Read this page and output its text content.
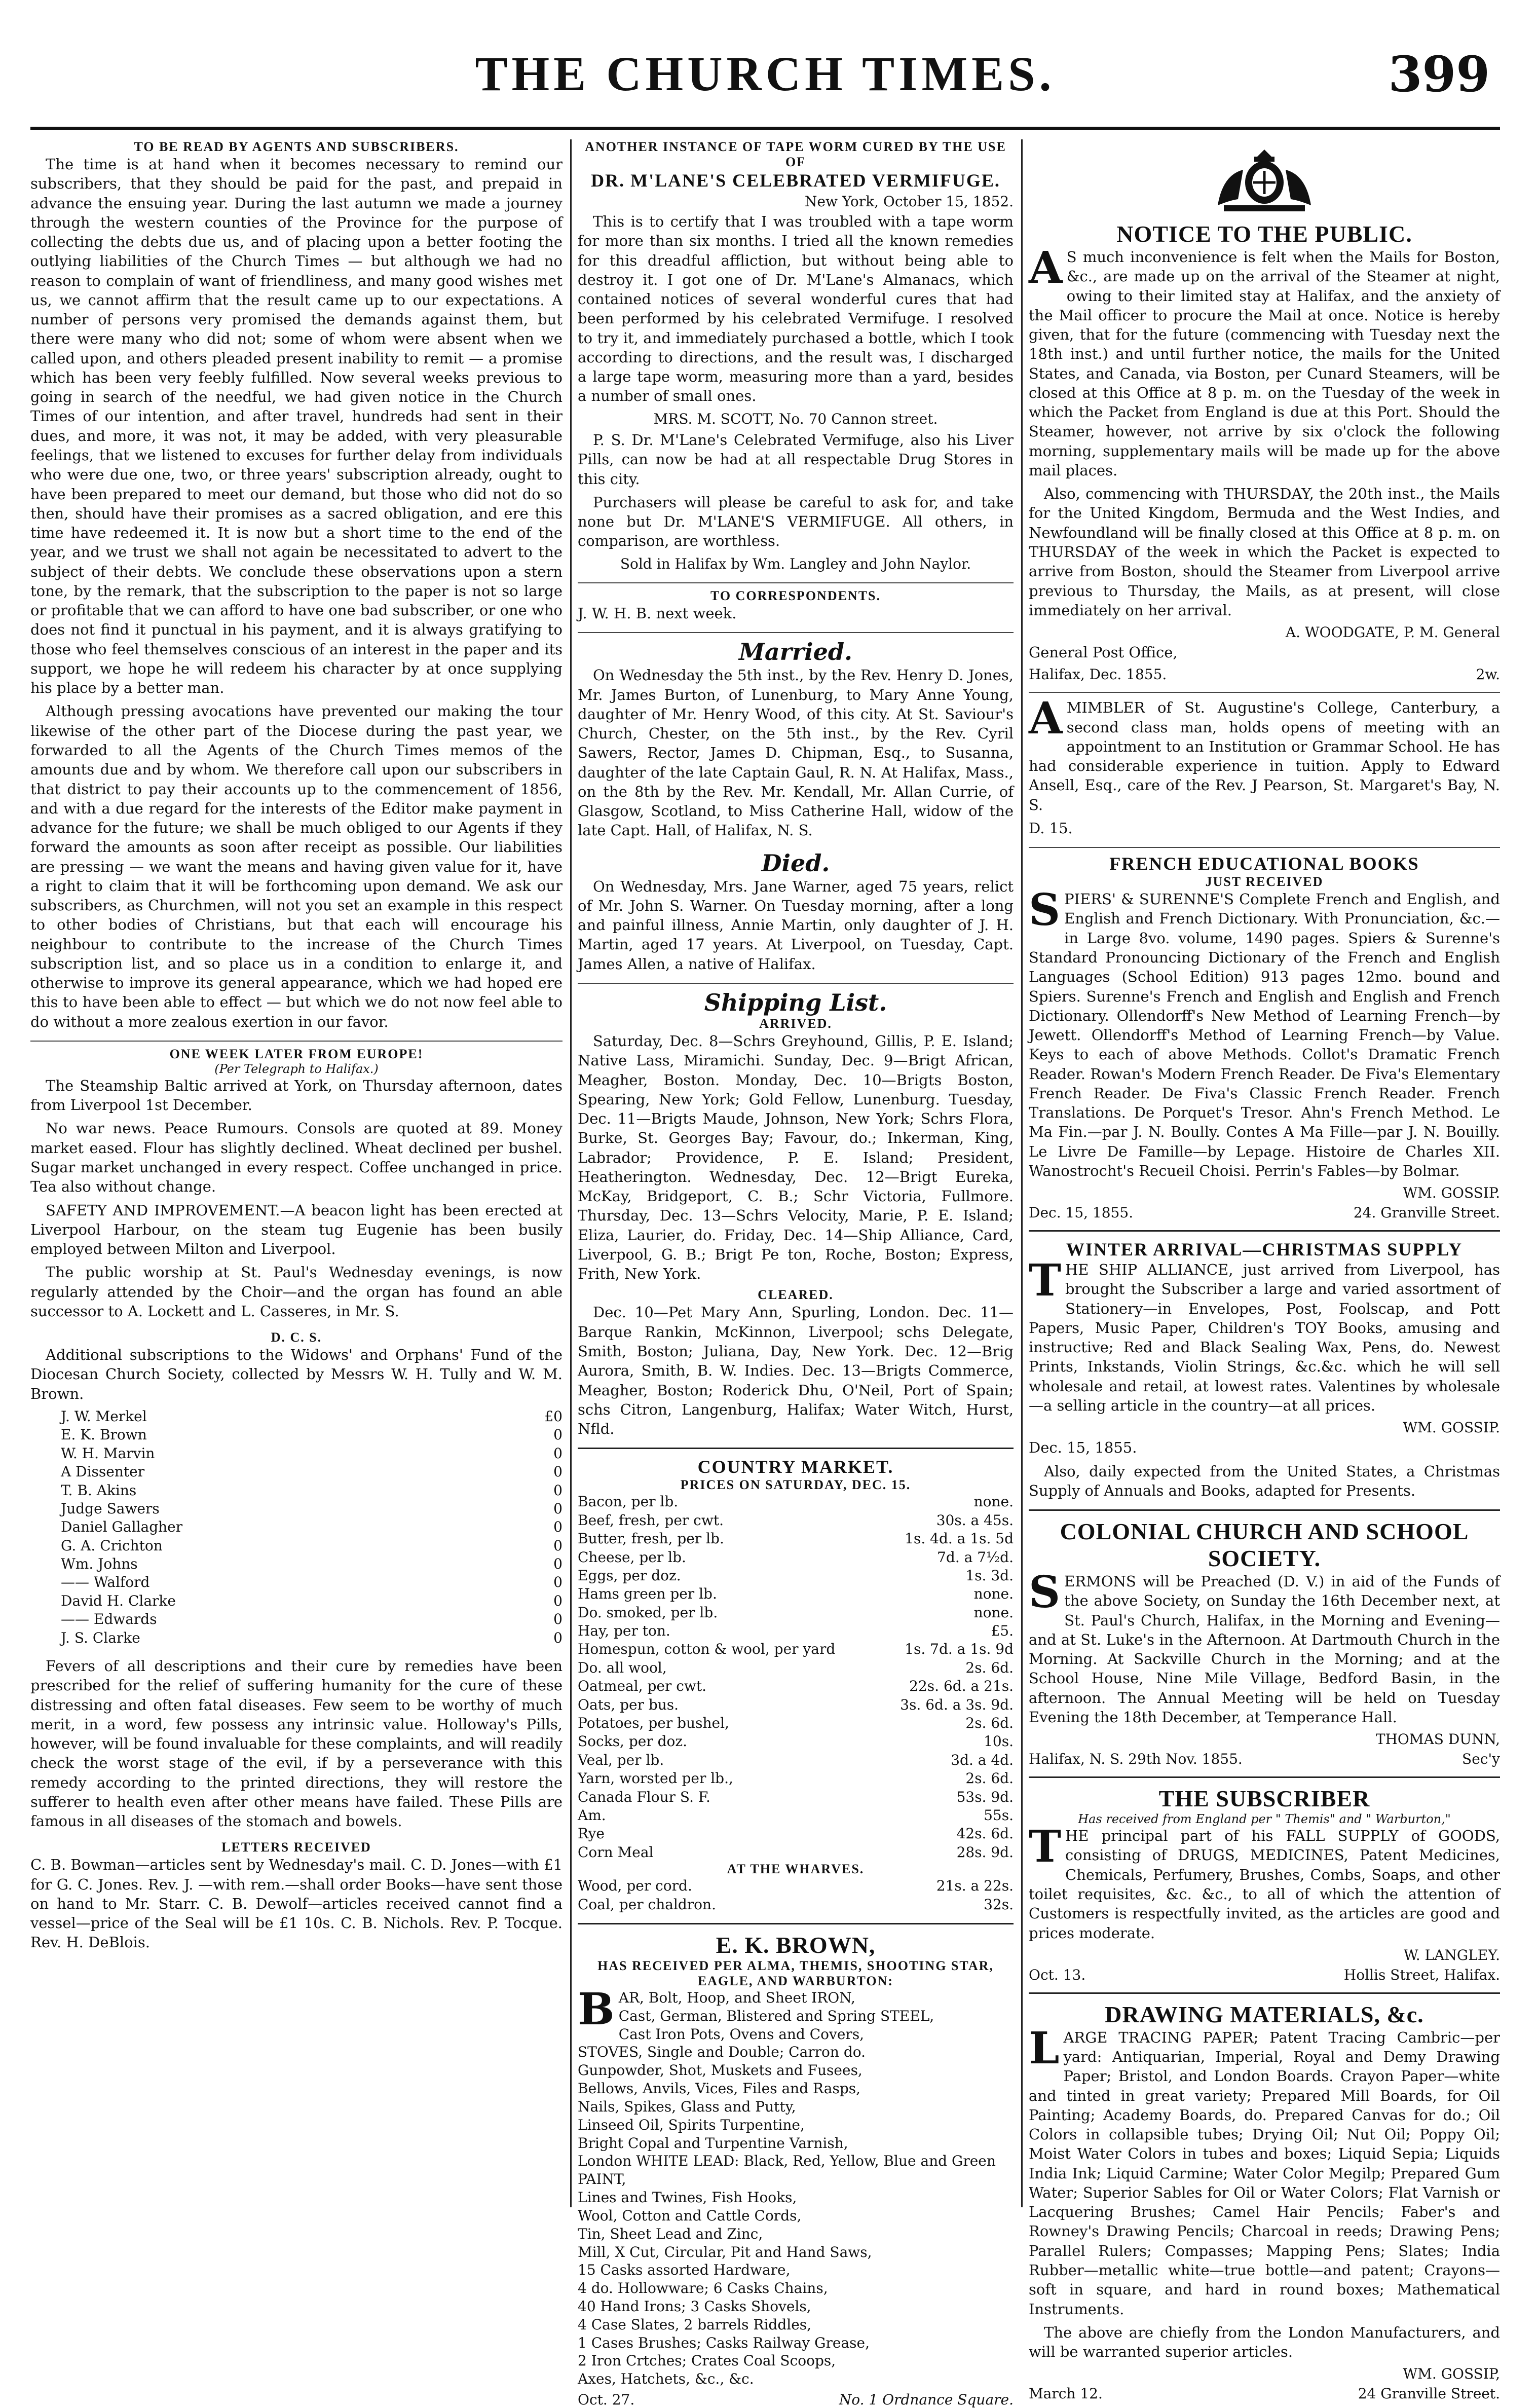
THE CHURCH TIMES.	399
TO BE READ BY AGENTS AND SUBSCRIBERS.

The time is at hand when it becomes necessary to remind our subscribers, that they should be paid for the past, and prepaid in advance the ensuing year. During the last autumn we made a journey through the western counties of the Province for the purpose of collecting the debts due us, and of placing upon a better footing the outlying liabilities of the Church Times — but although we had no reason to complain of want of friendliness, and many good wishes met us, we cannot affirm that the result came up to our expectations. A number of persons very promised the demands against them, but there were many who did not; some of whom were absent when we called upon, and others pleaded present inability to remit — a promise which has been very feebly fulfilled. Now several weeks previous to going in search of the needful, we had given notice in the Church Times of our intention, and after travel, hundreds had sent in their dues, and more, it was not, it may be added, with very pleasurable feelings, that we listened to excuses for further delay from individuals who were due one, two, or three years' subscription already, ought to have been prepared to meet our demand, but those who did not do so then, should have their promises as a sacred obligation, and ere this time have redeemed it. It is now but a short time to the end of the year, and we trust we shall not again be necessitated to advert to the subject of their debts. We conclude these observations upon a stern tone, by the remark, that the subscription to the paper is not so large or profitable that we can afford to have one bad subscriber, or one who does not find it punctual in his payment, and it is always gratifying to those who feel themselves conscious of an interest in the paper and its support, we hope he will redeem his character by at once supplying his place by a better man.

Although pressing avocations have prevented our making the tour likewise of the other part of the Diocese during the past year, we forwarded to all the Agents of the Church Times memos of the amounts due and by whom. We therefore call upon our subscribers in that district to pay their accounts up to the commencement of 1856, and with a due regard for the interests of the Editor make payment in advance for the future; we shall be much obliged to our Agents if they forward the amounts as soon after receipt as possible. Our liabilities are pressing — we want the means and having given value for it, have a right to claim that it will be forthcoming upon demand. We ask our subscribers, as Churchmen, will not you set an example in this respect to other bodies of Christians, but that each will encourage his neighbour to contribute to the increase of the Church Times subscription list, and so place us in a condition to enlarge it, and otherwise to improve its general appearance, which we had hoped ere this to have been able to effect — but which we do not now feel able to do without a more zealous exertion in our favor.

ONE WEEK LATER FROM EUROPE!
(Per Telegraph to Halifax.)

The Steamship Baltic arrived at York, on Thursday afternoon, dates from Liverpool 1st December.

No war news. Peace Rumours. Consols are quoted at 89. Money market eased. Flour has slightly declined. Wheat declined per bushel. Sugar market unchanged in every respect. Coffee unchanged in price. Tea also without change.

SAFETY AND IMPROVEMENT.—A beacon light has been erected at Liverpool Harbour, on the steam tug Eugenie has been busily employed between Milton and Liverpool.

The public worship at St. Paul's Wednesday evenings, is now regularly attended by the Choir—and the organ has found an able successor to A. Lockett and L. Casseres, in Mr. S.

D. C. S.

Additional subscriptions to the Widows' and Orphans' Fund of the Diocesan Church Society, collected by Messrs W. H. Tully and W. M. Brown.

J. W. Merkel	£0
E. K. Brown	0
W. H. Marvin	0
A Dissenter	0
T. B. Akins	0
Judge Sawers	0
Daniel Gallagher	0
G. A. Crichton	0
Wm. Johns	0
—— Walford	0
David H. Clarke	0
—— Edwards	0
J. S. Clarke	0

Fevers of all descriptions and their cure by remedies have been prescribed for the relief of suffering humanity for the cure of these distressing and often fatal diseases. Few seem to be worthy of much merit, in a word, few possess any intrinsic value. Holloway's Pills, however, will be found invaluable for these complaints, and will readily check the worst stage of the evil, if by a perseverance with this remedy according to the printed directions, they will restore the sufferer to health even after other means have failed. These Pills are famous in all diseases of the stomach and bowels.

LETTERS RECEIVED

C. B. Bowman—articles sent by Wednesday's mail. C. D. Jones—with £1 for G. C. Jones. Rev. J. —with rem.—shall order Books—have sent those on hand to Mr. Starr. C. B. Dewolf—articles received cannot find a vessel—price of the Seal will be £1 10s. C. B. Nichols. Rev. P. Tocque. Rev. H. DeBlois.

ANOTHER INSTANCE OF TAPE WORM CURED BY THE USE OF
DR. M'LANE'S CELEBRATED VERMIFUGE.
New York, October 15, 1852.

This is to certify that I was troubled with a tape worm for more than six months. I tried all the known remedies for this dreadful affliction, but without being able to destroy it. I got one of Dr. M'Lane's Almanacs, which contained notices of several wonderful cures that had been performed by his celebrated Vermifuge. I resolved to try it, and immediately purchased a bottle, which I took according to directions, and the result was, I discharged a large tape worm, measuring more than a yard, besides a number of small ones.

MRS. M. SCOTT, No. 70 Cannon street.

P. S. Dr. M'Lane's Celebrated Vermifuge, also his Liver Pills, can now be had at all respectable Drug Stores in this city.

Purchasers will please be careful to ask for, and take none but Dr. M'LANE'S VERMIFUGE. All others, in comparison, are worthless.

Sold in Halifax by Wm. Langley and John Naylor.
TO CORRESPONDENTS.
J. W. H. B. next week.
Married.

On Wednesday the 5th inst., by the Rev. Henry D. Jones, Mr. James Burton, of Lunenburg, to Mary Anne Young, daughter of Mr. Henry Wood, of this city. At St. Saviour's Church, Chester, on the 5th inst., by the Rev. Cyril Sawers, Rector, James D. Chipman, Esq., to Susanna, daughter of the late Captain Gaul, R. N. At Halifax, Mass., on the 8th by the Rev. Mr. Kendall, Mr. Allan Currie, of Glasgow, Scotland, to Miss Catherine Hall, widow of the late Capt. Hall, of Halifax, N. S.

Died.

On Wednesday, Mrs. Jane Warner, aged 75 years, relict of Mr. John S. Warner. On Tuesday morning, after a long and painful illness, Annie Martin, only daughter of J. H. Martin, aged 17 years. At Liverpool, on Tuesday, Capt. James Allen, a native of Halifax.

Shipping List.
ARRIVED.

Saturday, Dec. 8—Schrs Greyhound, Gillis, P. E. Island; Native Lass, Miramichi. Sunday, Dec. 9—Brigt African, Meagher, Boston. Monday, Dec. 10—Brigts Boston, Spearing, New York; Gold Fellow, Lunenburg. Tuesday, Dec. 11—Brigts Maude, Johnson, New York; Schrs Flora, Burke, St. Georges Bay; Favour, do.; Inkerman, King, Labrador; Providence, P. E. Island; President, Heatherington. Wednesday, Dec. 12—Brigt Eureka, McKay, Bridgeport, C. B.; Schr Victoria, Fullmore. Thursday, Dec. 13—Schrs Velocity, Marie, P. E. Island; Eliza, Laurier, do. Friday, Dec. 14—Ship Alliance, Card, Liverpool, G. B.; Brigt Pe ton, Roche, Boston; Express, Frith, New York.

CLEARED.

Dec. 10—Pet Mary Ann, Spurling, London. Dec. 11—Barque Rankin, McKinnon, Liverpool; schs Delegate, Smith, Boston; Juliana, Day, New York. Dec. 12—Brig Aurora, Smith, B. W. Indies. Dec. 13—Brigts Commerce, Meagher, Boston; Roderick Dhu, O'Neil, Port of Spain; schs Citron, Langenburg, Halifax; Water Witch, Hurst, Nfld.

COUNTRY MARKET.
PRICES ON SATURDAY, DEC. 15.
Bacon, per lb.	none.
Beef, fresh, per cwt.	30s. a 45s.
Butter, fresh, per lb.	1s. 4d. a 1s. 5d
Cheese, per lb.	7d. a 7½d.
Eggs, per doz.	1s. 3d.
Hams green per lb.	none.
Do. smoked, per lb.	none.
Hay, per ton.	£5.
Homespun, cotton & wool, per yard	1s. 7d. a 1s. 9d
Do. all wool,	2s. 6d.
Oatmeal, per cwt.	22s. 6d. a 21s.
Oats, per bus.	3s. 6d. a 3s. 9d.
Potatoes, per bushel,	2s. 6d.
Socks, per doz.	10s.
Veal, per lb.	3d. a 4d.
Yarn, worsted per lb.,	2s. 6d.
Canada Flour S. F.	53s. 9d.
Am.	55s.
Rye	42s. 6d.
Corn Meal	28s. 9d.
AT THE WHARVES.
Wood, per cord.	21s. a 22s.
Coal, per chaldron.	32s.
E. K. BROWN,
HAS RECEIVED PER ALMA, THEMIS, SHOOTING STAR, EAGLE, AND WARBURTON:
B AR, Bolt, Hoop, and Sheet IRON,
Cast, German, Blistered and Spring STEEL,
Cast Iron Pots, Ovens and Covers,
STOVES, Single and Double; Carron do.
Gunpowder, Shot, Muskets and Fusees,
Bellows, Anvils, Vices, Files and Rasps,
Nails, Spikes, Glass and Putty,
Linseed Oil, Spirits Turpentine,
Bright Copal and Turpentine Varnish,
London WHITE LEAD: Black, Red, Yellow, Blue and Green PAINT,
Lines and Twines, Fish Hooks,
Wool, Cotton and Cattle Cords,
Tin, Sheet Lead and Zinc,
Mill, X Cut, Circular, Pit and Hand Saws,
15 Casks assorted Hardware,
4 do. Hollowware; 6 Casks Chains,
40 Hand Irons; 3 Casks Shovels,
4 Case Slates, 2 barrels Riddles,
1 Cases Brushes; Casks Railway Grease,
2 Iron Crtches; Crates Coal Scoops,
Axes, Hatchets, &c., &c.
Oct. 27.	No. 1 Ordnance Square.
NOTICE TO THE PUBLIC.

A S much inconvenience is felt when the Mails for Boston, &c., are made up on the arrival of the Steamer at night, owing to their limited stay at Halifax, and the anxiety of the Mail officer to procure the Mail at once. Notice is hereby given, that for the future (commencing with Tuesday next the 18th inst.) and until further notice, the mails for the United States, and Canada, via Boston, per Cunard Steamers, will be closed at this Office at 8 p. m. on the Tuesday of the week in which the Packet from England is due at this Port. Should the Steamer, however, not arrive by six o'clock the following morning, supplementary mails will be made up for the above mail places.

Also, commencing with THURSDAY, the 20th inst., the Mails for the United Kingdom, Bermuda and the West Indies, and Newfoundland will be finally closed at this Office at 8 p. m. on THURSDAY of the week in which the Packet is expected to arrive from Boston, should the Steamer from Liverpool arrive previous to Thursday, the Mails, as at present, will close immediately on her arrival.

A. WOODGATE, P. M. General
General Post Office,
Halifax, Dec. 1855.	2w.

AMIMBLER of St. Augustine's College, Canterbury, a second class man, holds opens of meeting with an appointment to an Institution or Grammar School. He has had considerable experience in tuition. Apply to Edward Ansell, Esq., care of the Rev. J Pearson, St. Margaret's Bay, N. S.

D. 15.
FRENCH EDUCATIONAL BOOKS
JUST RECEIVED

SPIERS' & SURENNE'S Complete French and English, and English and French Dictionary. With Pronunciation, &c.—in Large 8vo. volume, 1490 pages. Spiers & Surenne's Standard Pronouncing Dictionary of the French and English Languages (School Edition) 913 pages 12mo. bound and Spiers. Surenne's French and English and English and French Dictionary. Ollendorff's New Method of Learning French—by Jewett. Ollendorff's Method of Learning French—by Value. Keys to each of above Methods. Collot's Dramatic French Reader. Rowan's Modern French Reader. De Fiva's Elementary French Reader. De Fiva's Classic French Reader. French Translations. De Porquet's Tresor. Ahn's French Method. Le Ma Fin.—par J. N. Boully. Contes A Ma Fille—par J. N. Bouilly. Le Livre De Famille—by Lepage. Histoire de Charles XII. Wanostrocht's Recueil Choisi. Perrin's Fables—by Bolmar.

WM. GOSSIP.
Dec. 15, 1855.	24. Granville Street.
WINTER ARRIVAL—CHRISTMAS SUPPLY

THE SHIP ALLIANCE, just arrived from Liverpool, has brought the Subscriber a large and varied assortment of Stationery—in Envelopes, Post, Foolscap, and Pott Papers, Music Paper, Children's TOY Books, amusing and instructive; Red and Black Sealing Wax, Pens, do. Newest Prints, Inkstands, Violin Strings, &c.&c. which he will sell wholesale and retail, at lowest rates. Valentines by wholesale—a selling article in the country—at all prices.

WM. GOSSIP.
Dec. 15, 1855.

Also, daily expected from the United States, a Christmas Supply of Annuals and Books, adapted for Presents.

COLONIAL CHURCH AND SCHOOL SOCIETY.

SERMONS will be Preached (D. V.) in aid of the Funds of the above Society, on Sunday the 16th December next, at St. Paul's Church, Halifax, in the Morning and Evening—and at St. Luke's in the Afternoon. At Dartmouth Church in the Morning. At Sackville Church in the Morning; and at the School House, Nine Mile Village, Bedford Basin, in the afternoon. The Annual Meeting will be held on Tuesday Evening the 18th December, at Temperance Hall.

THOMAS DUNN,
Halifax, N. S. 29th Nov. 1855.	Sec'y
THE SUBSCRIBER
Has received from England per " Themis" and " Warburton,"

THE principal part of his FALL SUPPLY of GOODS, consisting of DRUGS, MEDICINES, Patent Medicines, Chemicals, Perfumery, Brushes, Combs, Soaps, and other toilet requisites, &c. &c., to all of which the attention of Customers is respectfully invited, as the articles are good and prices moderate.

W. LANGLEY.
Oct. 13.	Hollis Street, Halifax.
DRAWING MATERIALS, &c.

LARGE TRACING PAPER; Patent Tracing Cambric—per yard: Antiquarian, Imperial, Royal and Demy Drawing Paper; Bristol, and London Boards. Crayon Paper—white and tinted in great variety; Prepared Mill Boards, for Oil Painting; Academy Boards, do. Prepared Canvas for do.; Oil Colors in collapsible tubes; Drying Oil; Nut Oil; Poppy Oil; Moist Water Colors in tubes and boxes; Liquid Sepia; Liquids India Ink; Liquid Carmine; Water Color Megilp; Prepared Gum Water; Superior Sables for Oil or Water Colors; Flat Varnish or Lacquering Brushes; Camel Hair Pencils; Faber's and Rowney's Drawing Pencils; Charcoal in reeds; Drawing Pens; Parallel Rulers; Compasses; Mapping Pens; Slates; India Rubber—metallic white—true bottle—and patent; Crayons—soft in square, and hard in round boxes; Mathematical Instruments.

The above are chiefly from the London Manufacturers, and will be warranted superior articles.

WM. GOSSIP,
March 12.	24 Granville Street.
